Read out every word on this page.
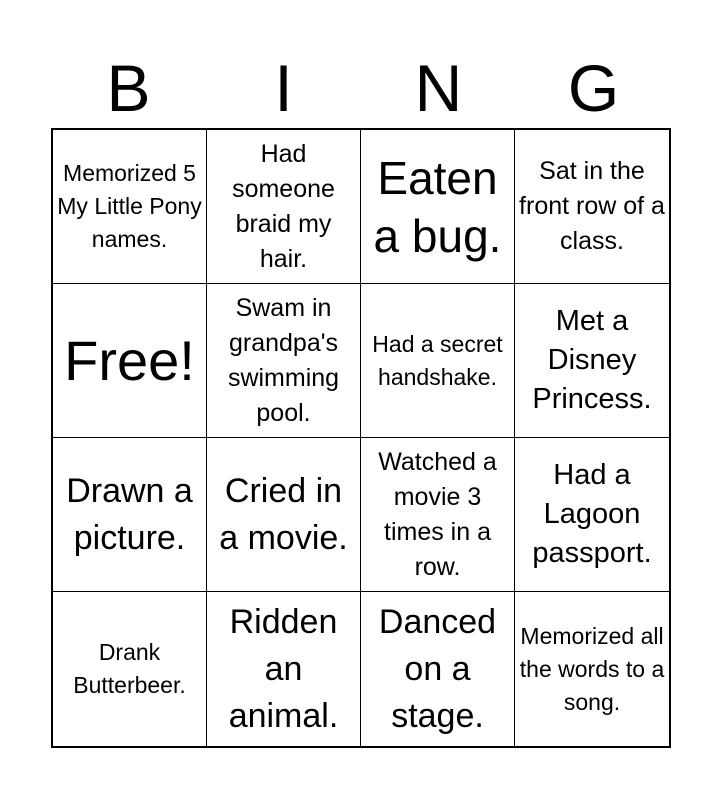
B	I	N	G
Memorized 5 My Little Pony names.
Had someone braid my hair.
Eaten a bug.
Sat in the front row of a class.
Free!
Swam in grandpa's swimming pool.
Had a secret handshake.
Met a Disney Princess.
Drawn a picture.
Cried in a movie.
Watched a movie 3 times in a row.
Had a Lagoon passport.
Drank Butterbeer.
Ridden an animal.
Danced on a stage.
Memorized all the words to a song.
